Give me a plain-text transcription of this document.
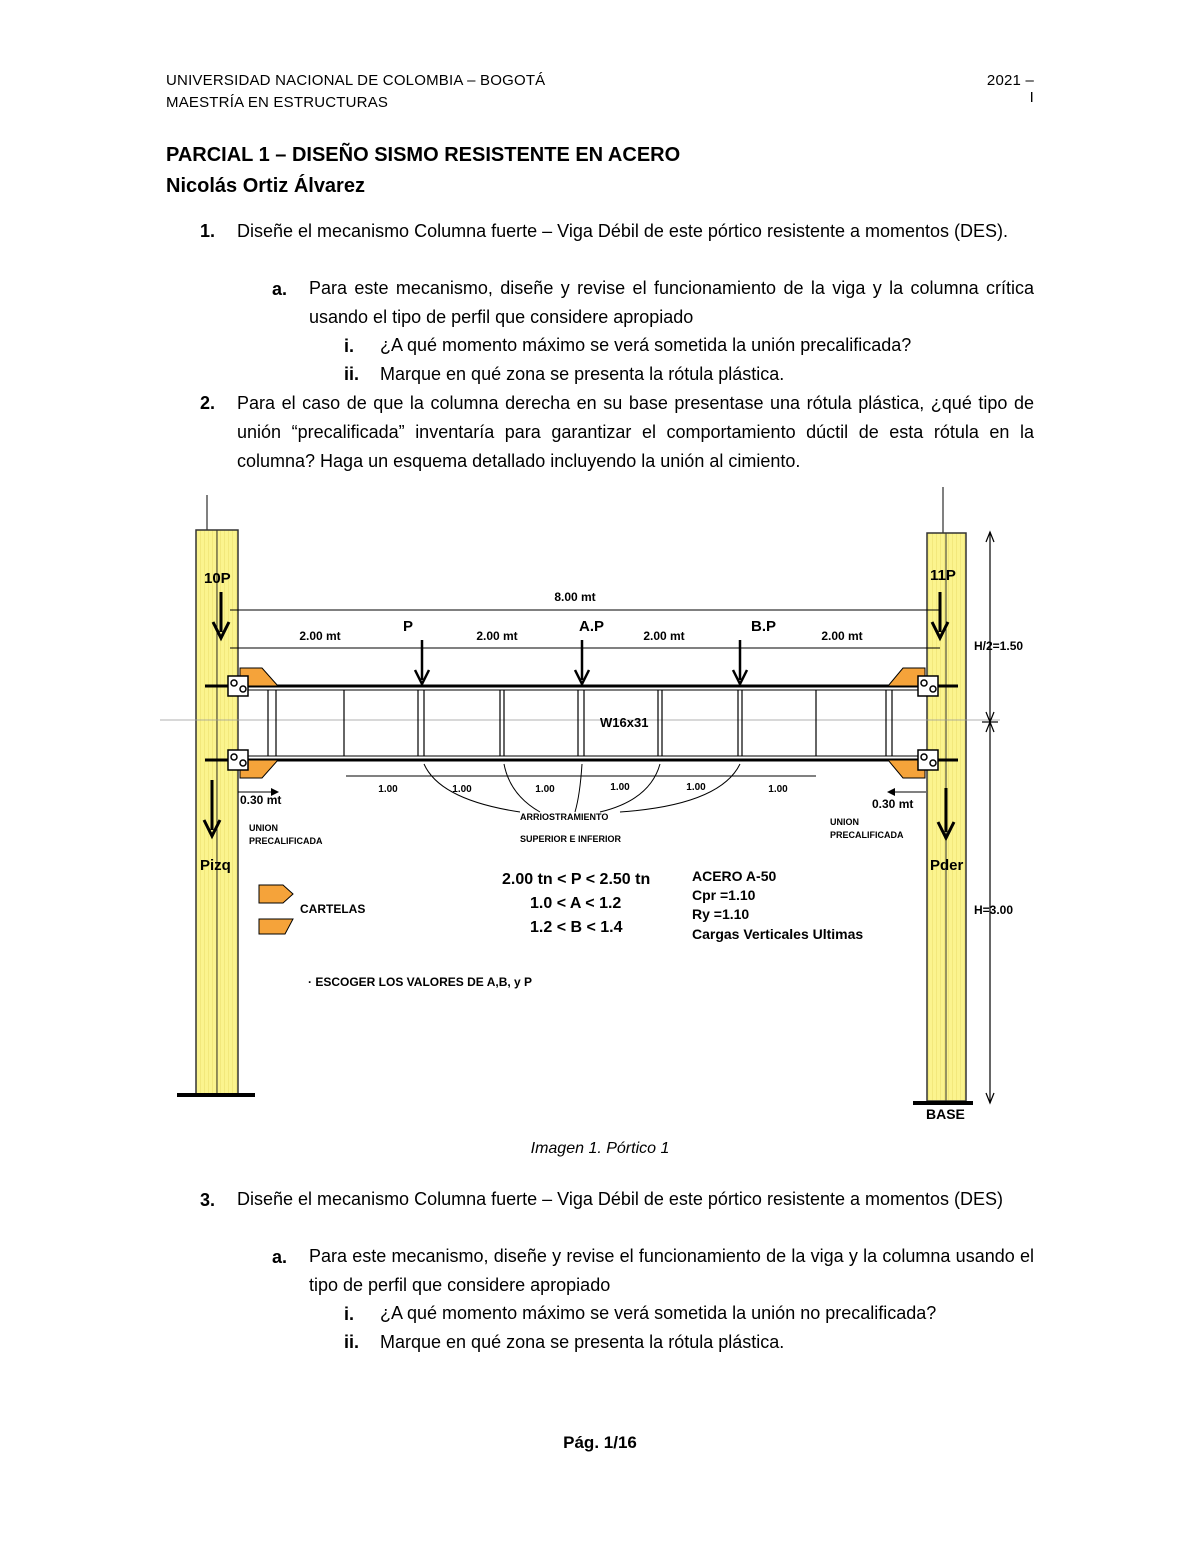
UNIVERSIDAD NACIONAL DE COLOMBIA – BOGOTÁ
MAESTRÍA EN ESTRUCTURAS
2021 – I
PARCIAL 1 – DISEÑO SISMO RESISTENTE EN ACERO
Nicolás Ortiz Álvarez
1. Diseñe el mecanismo Columna fuerte – Viga Débil de este pórtico resistente a momentos (DES).
a. Para este mecanismo, diseñe y revise el funcionamiento de la viga y la columna crítica usando el tipo de perfil que considere apropiado
i. ¿A qué momento máximo se verá sometida la unión precalificada?
ii. Marque en qué zona se presenta la rótula plástica.
2. Para el caso de que la columna derecha en su base presentase una rótula plástica, ¿qué tipo de unión “precalificada” inventaría para garantizar el comportamiento dúctil de esta rótula en la columna? Haga un esquema detallado incluyendo la unión al cimiento.
10P	11P
8.00 mt
2.00 mt	2.00 mt	2.00 mt	2.00 mt
P	A.P	B.P
W16x31
0.30 mt	0.30 mt
1.00	1.00	1.00	1.00	1.00	1.00
ARRIOSTRAMIENTO
SUPERIOR E INFERIOR
UNION
PRECALIFICADA
UNION
PRECALIFICADA
Pizq	Pder
CARTELAS
2.00 tn < P < 2.50 tn
1.0 < A < 1.2
1.2 < B < 1.4
ACERO A-50
Cpr =1.10
Ry =1.10
Cargas Verticales Ultimas
· ESCOGER LOS VALORES DE A,B, y P
H/2=1.50
H=3.00
BASE
Imagen 1. Pórtico 1
3. Diseñe el mecanismo Columna fuerte – Viga Débil de este pórtico resistente a momentos (DES)
a. Para este mecanismo, diseñe y revise el funcionamiento de la viga y la columna usando el tipo de perfil que considere apropiado
i. ¿A qué momento máximo se verá sometida la unión no precalificada?
ii. Marque en qué zona se presenta la rótula plástica.
Pág. 1/16
